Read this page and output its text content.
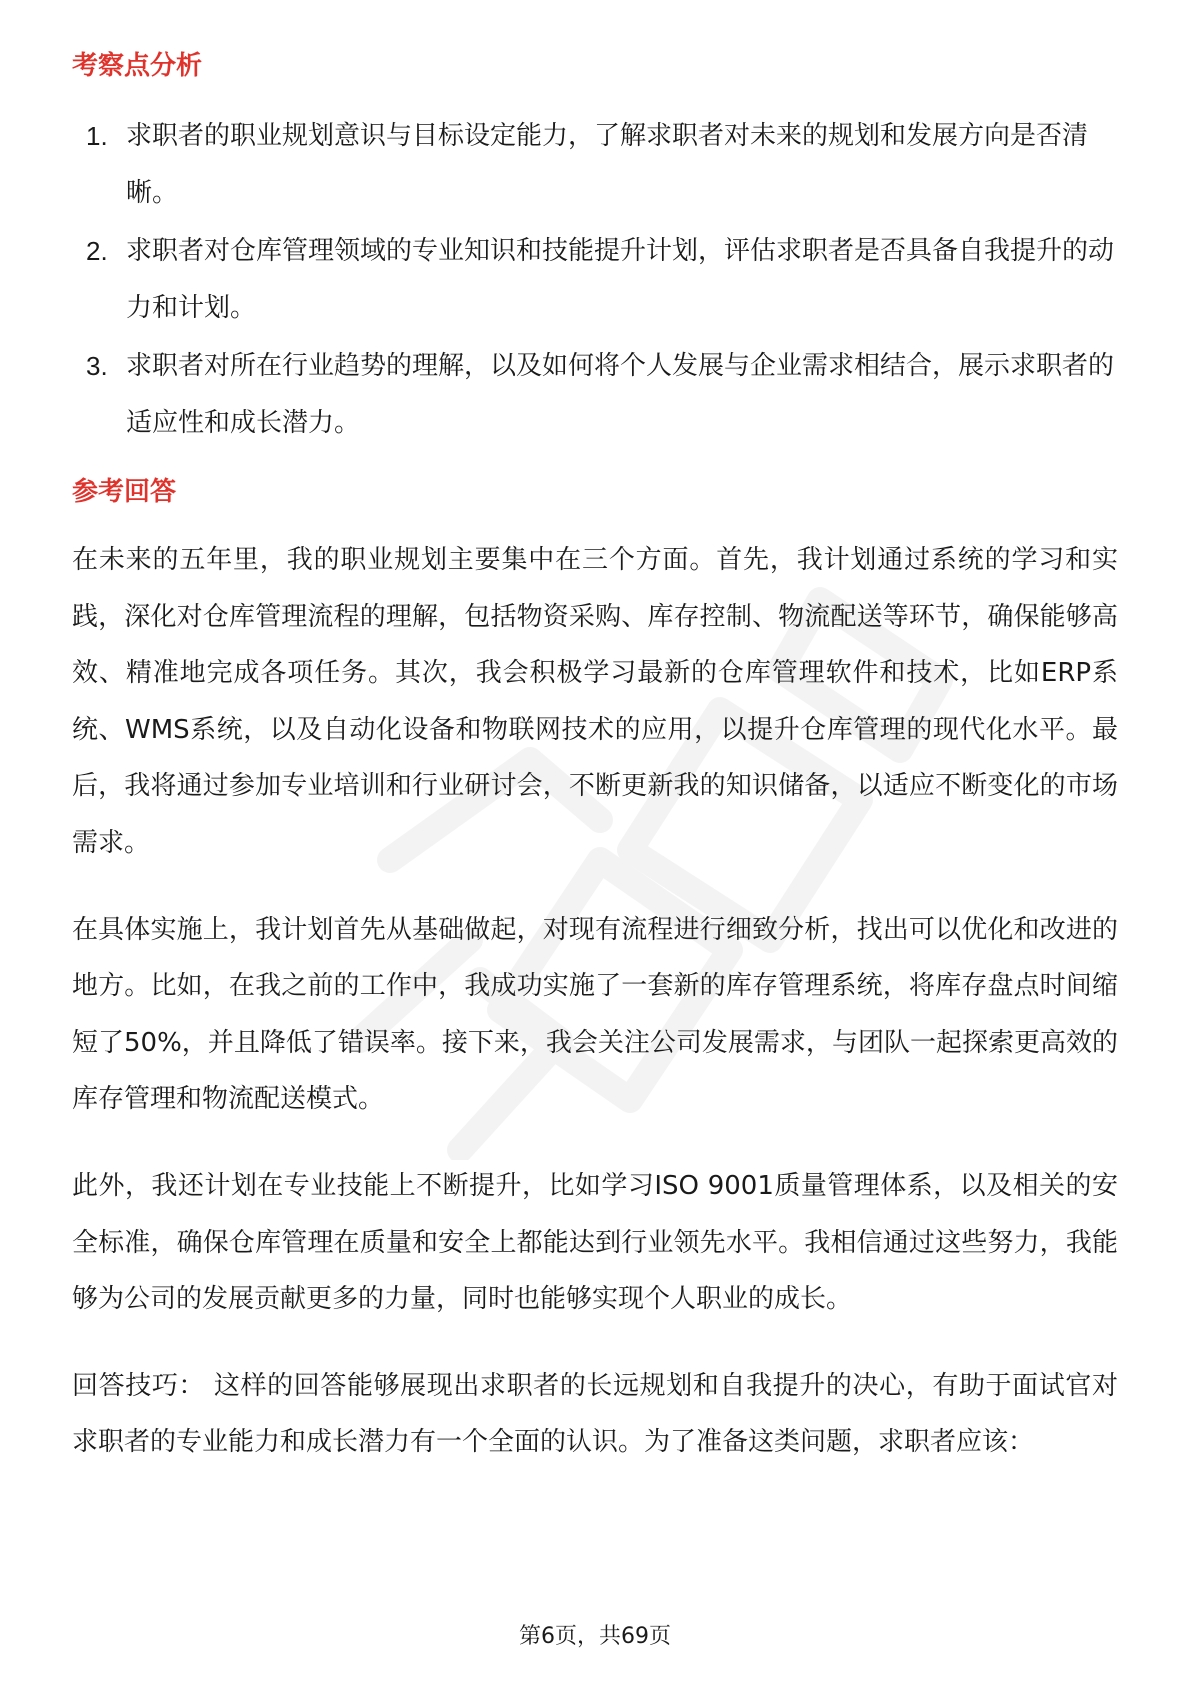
考察点分析
1. 求职者的职业规划意识与目标设定能力，了解求职者对未来的规划和发展方向是否清晰。
2. 求职者对仓库管理领域的专业知识和技能提升计划，评估求职者是否具备自我提升的动力和计划。
3. 求职者对所在行业趋势的理解，以及如何将个人发展与企业需求相结合，展示求职者的适应性和成长潜力。
参考回答

在未来的五年里，我的职业规划主要集中在三个方面。首先，我计划通过系统的学习和实践，深化对仓库管理流程的理解，包括物资采购、库存控制、物流配送等环节，确保能够高效、精准地完成各项任务。其次，我会积极学习最新的仓库管理软件和技术，比如ERP系统、WMS系统，以及自动化设备和物联网技术的应用，以提升仓库管理的现代化水平。最后，我将通过参加专业培训和行业研讨会，不断更新我的知识储备，以适应不断变化的市场需求。

在具体实施上，我计划首先从基础做起，对现有流程进行细致分析，找出可以优化和改进的地方。比如，在我之前的工作中，我成功实施了一套新的库存管理系统，将库存盘点时间缩短了50%，并且降低了错误率。接下来，我会关注公司发展需求，与团队一起探索更高效的库存管理和物流配送模式。

此外，我还计划在专业技能上不断提升，比如学习ISO 9001质量管理体系，以及相关的安全标准，确保仓库管理在质量和安全上都能达到行业领先水平。我相信通过这些努力，我能够为公司的发展贡献更多的力量，同时也能够实现个人职业的成长。

回答技巧： 这样的回答能够展现出求职者的长远规划和自我提升的决心，有助于面试官对求职者的专业能力和成长潜力有一个全面的认识。为了准备这类问题，求职者应该：

第6页，共69页
